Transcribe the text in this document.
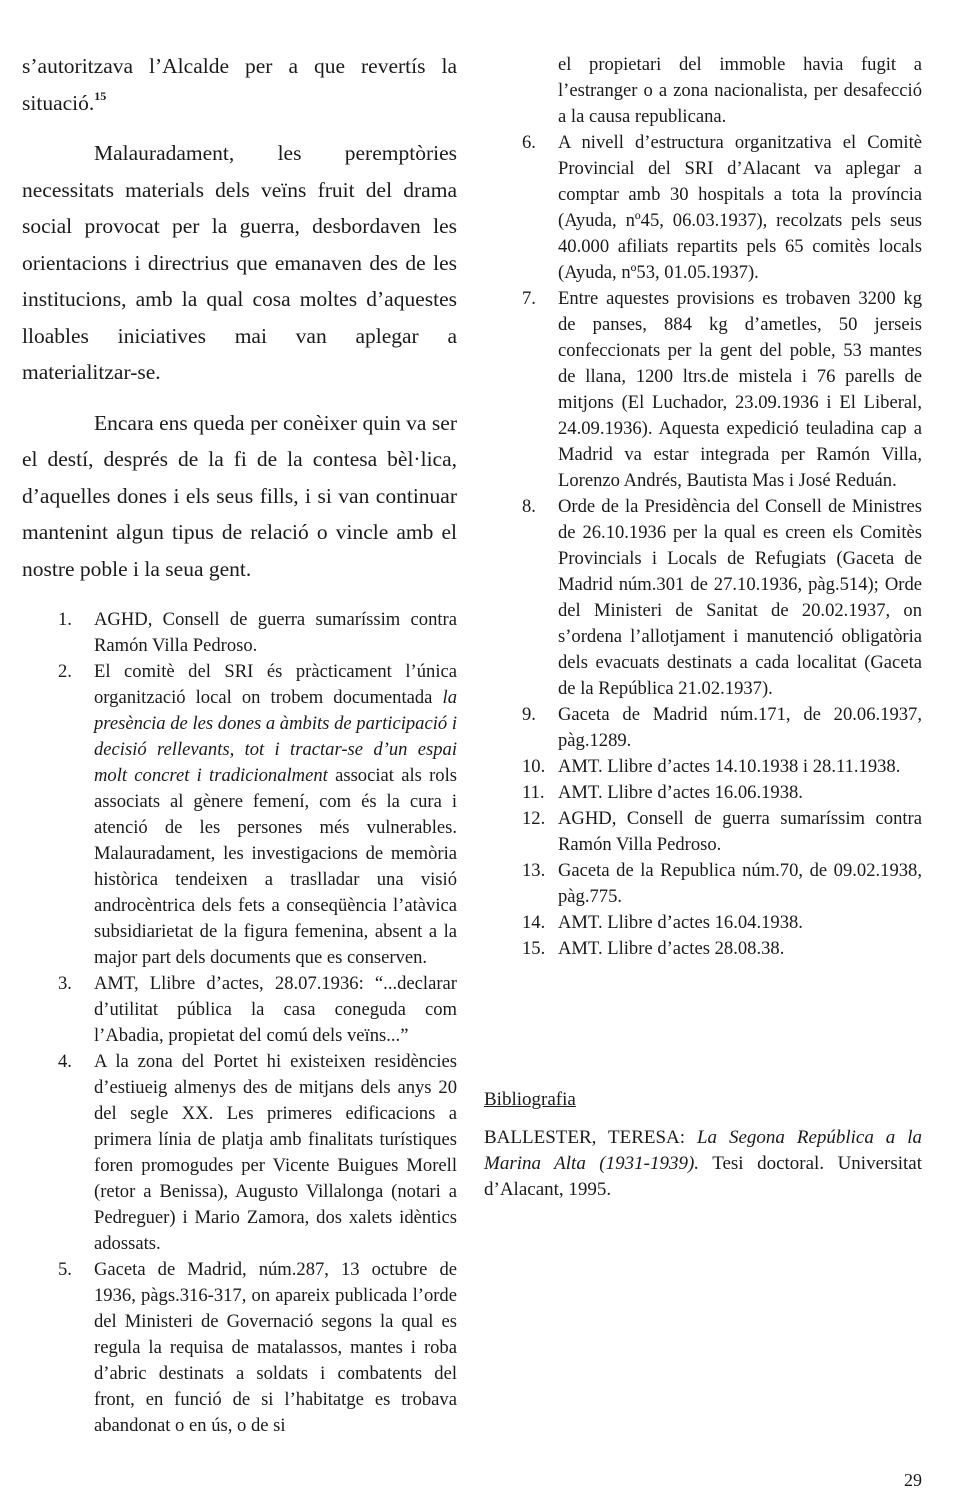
s’autoritzava l’Alcalde per a que revertís la situació.$^{15}$

Malauradament, les peremptòries necessitats materials dels veïns fruit del drama social provocat per la guerra, desbordaven les orientacions i directrius que emanaven des de les institucions, amb la qual cosa moltes d’aquestes lloables iniciatives mai van aplegar a materialitzar-se.

Encara ens queda per conèixer quin va ser el destí, després de la fi de la contesa bèl·lica, d’aquelles dones i els seus fills, i si van continuar mantenint algun tipus de relació o vincle amb el nostre poble i la seua gent.

1. AGHD, Consell de guerra sumaríssim contra Ramón Villa Pedroso.
2. El comitè del SRI és pràcticament l’única organització local on trobem documentada la presència de les dones a àmbits de participació i decisió rellevants, tot i tractar-se d’un espai molt concret i tradicionalment associat als rols associats al gènere femení, com és la cura i atenció de les persones més vulnerables. Malauradament, les investigacions de memòria històrica tendeixen a traslladar una visió androcèntrica dels fets a conseqüència l’atàvica subsidiarietat de la figura femenina, absent a la major part dels documents que es conserven.
3. AMT, Llibre d’actes, 28.07.1936: “...declarar d’utilitat pública la casa coneguda com l’Abadia, propietat del comú dels veïns...”
4. A la zona del Portet hi existeixen residències d’estiueig almenys des de mitjans dels anys 20 del segle XX. Les primeres edificacions a primera línia de platja amb finalitats turístiques foren promogudes per Vicente Buigues Morell (retor a Benissa), Augusto Villalonga (notari a Pedreguer) i Mario Zamora, dos xalets idèntics adossats.
5. Gaceta de Madrid, núm.287, 13 octubre de 1936, pàgs.316-317, on apareix publicada l’orde del Ministeri de Governació segons la qual es regula la requisa de matalassos, mantes i roba d’abric destinats a soldats i combatents del front, en funció de si l’habitatge es trobava abandonat o en ús, o de si
el propietari del immoble havia fugit a l’estranger o a zona nacionalista, per desafecció a la causa republicana.
6. A nivell d’estructura organitzativa el Comitè Provincial del SRI d’Alacant va aplegar a comptar amb 30 hospitals a tota la província (Ayuda, nº45, 06.03.1937), recolzats pels seus 40.000 afiliats repartits pels 65 comitès locals (Ayuda, nº53, 01.05.1937).
7. Entre aquestes provisions es trobaven 3200 kg de panses, 884 kg d’ametles, 50 jerseis confeccionats per la gent del poble, 53 mantes de llana, 1200 ltrs.de mistela i 76 parells de mitjons (El Luchador, 23.09.1936 i El Liberal, 24.09.1936). Aquesta expedició teuladina cap a Madrid va estar integrada per Ramón Villa, Lorenzo Andrés, Bautista Mas i José Reduán.
8. Orde de la Presidència del Consell de Ministres de 26.10.1936 per la qual es creen els Comitès Provincials i Locals de Refugiats (Gaceta de Madrid núm.301 de 27.10.1936, pàg.514); Orde del Ministeri de Sanitat de 20.02.1937, on s’ordena l’allotjament i manutenció obligatòria dels evacuats destinats a cada localitat (Gaceta de la República 21.02.1937).
9. Gaceta de Madrid núm.171, de 20.06.1937, pàg.1289.
10. AMT. Llibre d’actes 14.10.1938 i 28.11.1938.
11. AMT. Llibre d’actes 16.06.1938.
12. AGHD, Consell de guerra sumaríssim contra Ramón Villa Pedroso.
13. Gaceta de la Republica núm.70, de 09.02.1938, pàg.775.
14. AMT. Llibre d’actes 16.04.1938.
15. AMT. Llibre d’actes 28.08.38.

Bibliografia

BALLESTER, TERESA: La Segona República a la Marina Alta (1931-1939). Tesi doctoral. Universitat d’Alacant, 1995.

29
